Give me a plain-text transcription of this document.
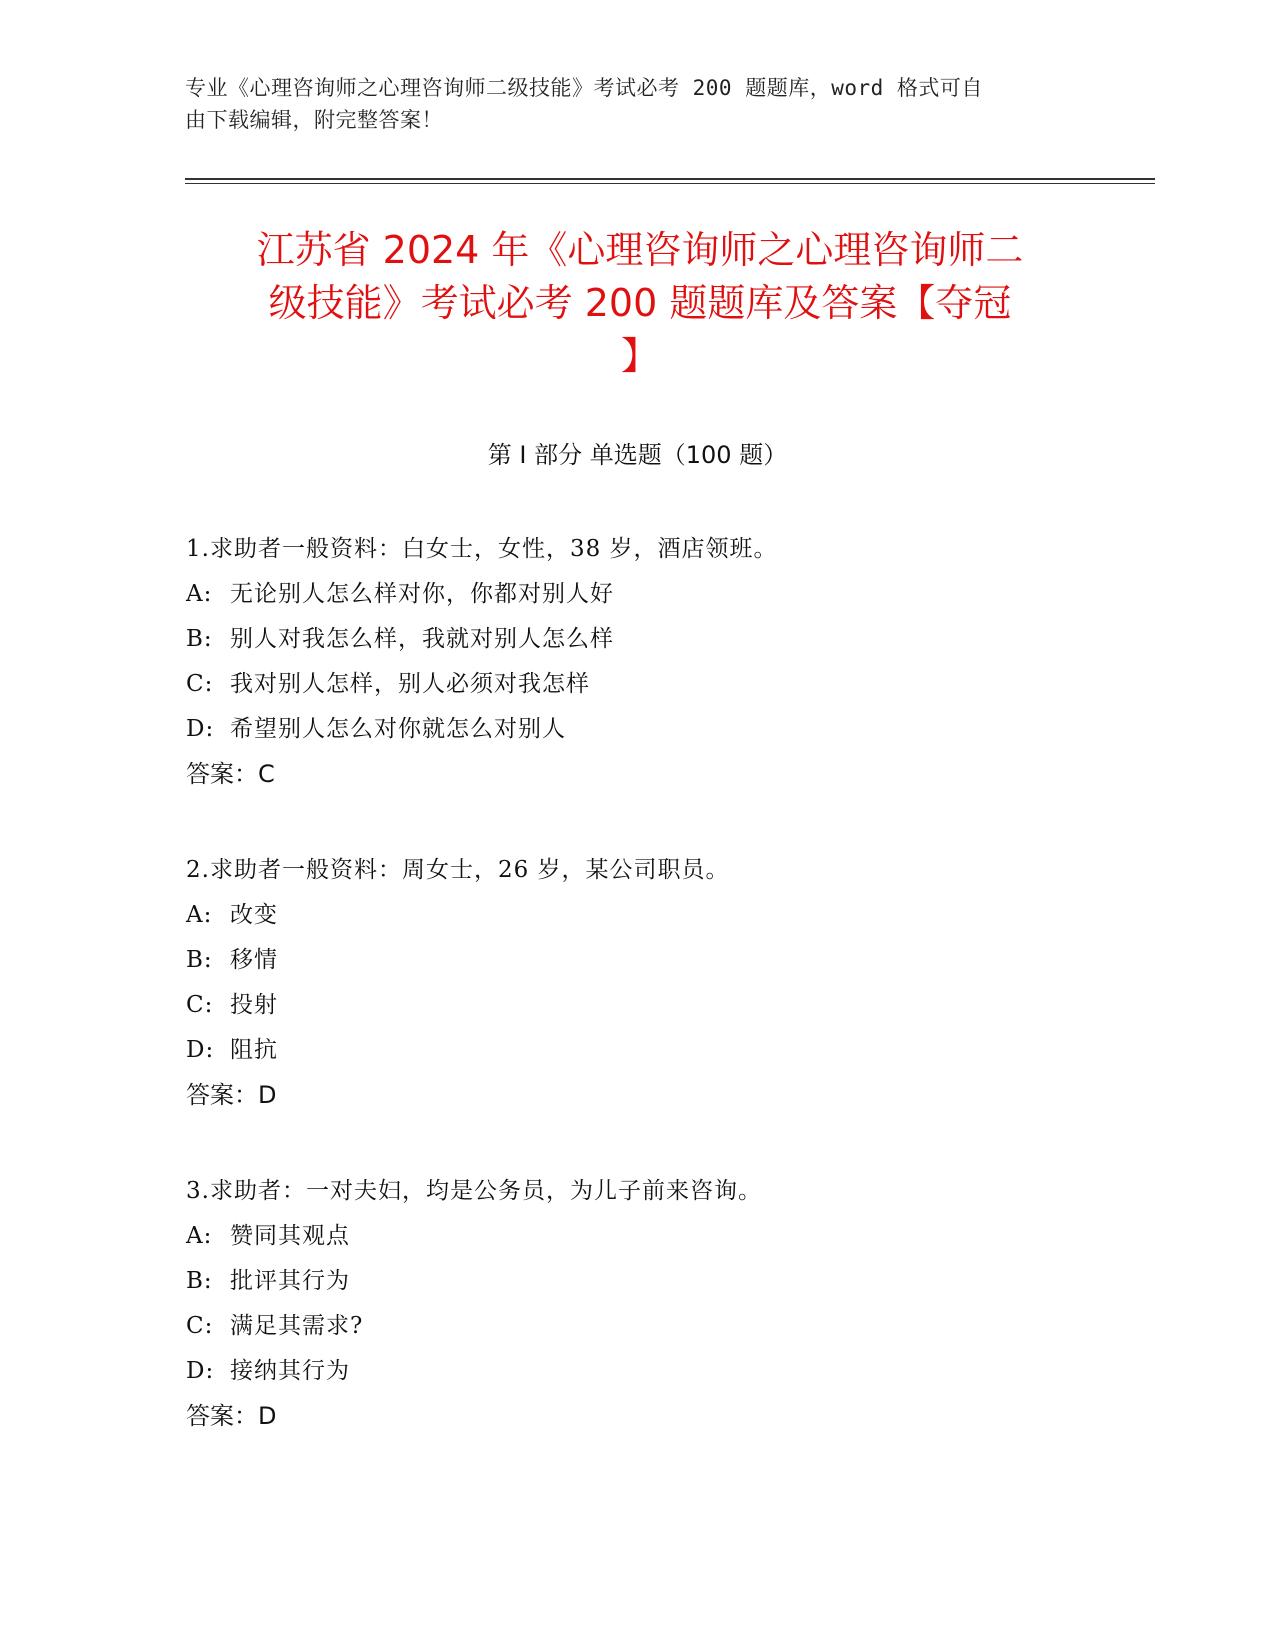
专业《心理咨询师之心理咨询师二级技能》考试必考 200 题题库，word 格式可自
由下载编辑，附完整答案！
江苏省 2024 年《心理咨询师之心理咨询师二
级技能》考试必考 200 题题库及答案【夺冠
】
第 I 部分 单选题（100 题）
1.求助者一般资料：白女士，女性，38 岁，酒店领班。
A: 无论别人怎么样对你，你都对别人好
B: 别人对我怎么样，我就对别人怎么样
C: 我对别人怎样，别人必须对我怎样
D: 希望别人怎么对你就怎么对别人
答案：C
2.求助者一般资料：周女士，26 岁，某公司职员。
A: 改变
B: 移情
C: 投射
D: 阻抗
答案：D
3.求助者：一对夫妇，均是公务员，为儿子前来咨询。
A: 赞同其观点
B: 批评其行为
C: 满足其需求?
D: 接纳其行为
答案：D
